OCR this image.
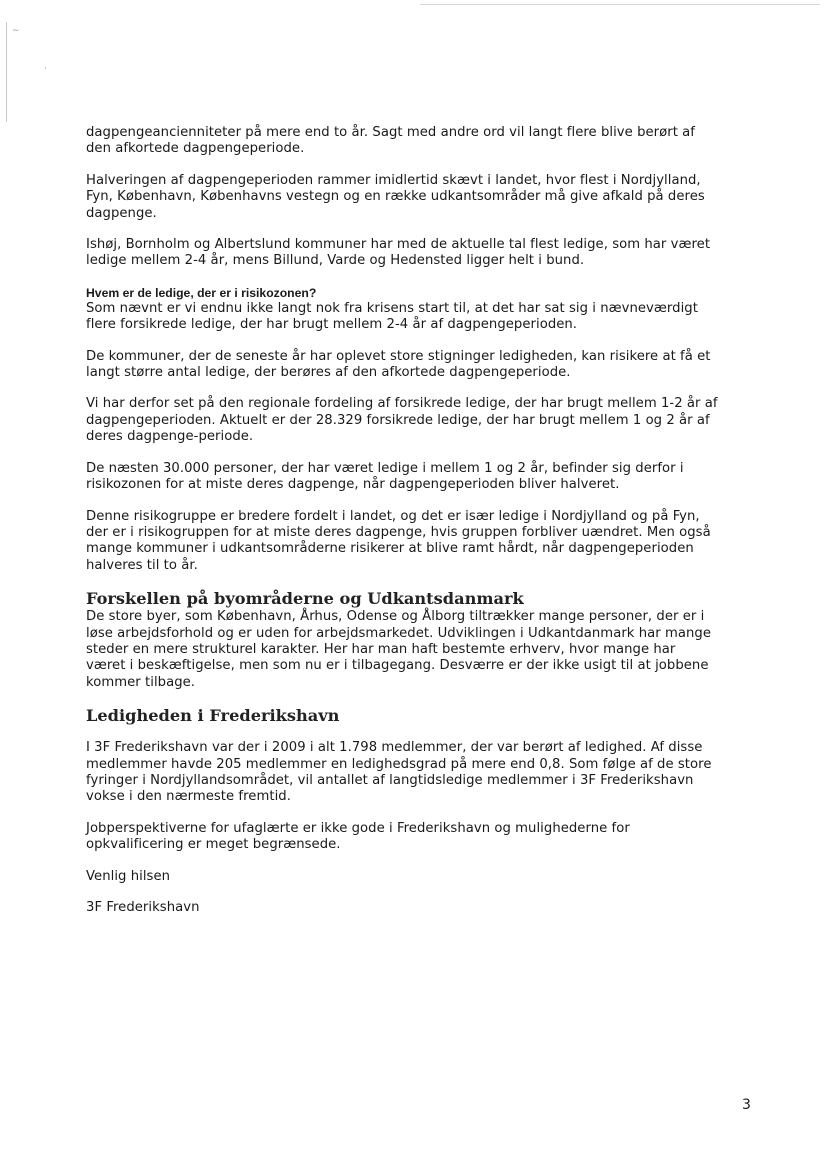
∼
·

dagpengeancienniteter på mere end to år. Sagt med andre ord vil langt flere blive berørt af
den afkortede dagpengeperiode.

Halveringen af dagpengeperioden rammer imidlertid skævt i landet, hvor flest i Nordjylland,
Fyn, København, Københavns vestegn og en række udkantsområder må give afkald på deres
dagpenge.

Ishøj, Bornholm og Albertslund kommuner har med de aktuelle tal flest ledige, som har været
ledige mellem 2-4 år, mens Billund, Varde og Hedensted ligger helt i bund.

Hvem er de ledige, der er i risikozonen?

Som nævnt er vi endnu ikke langt nok fra krisens start til, at det har sat sig i nævneværdigt
flere forsikrede ledige, der har brugt mellem 2-4 år af dagpengeperioden.

De kommuner, der de seneste år har oplevet store stigninger ledigheden, kan risikere at få et
langt større antal ledige, der berøres af den afkortede dagpengeperiode.

Vi har derfor set på den regionale fordeling af forsikrede ledige, der har brugt mellem 1-2 år af
dagpengeperioden. Aktuelt er der 28.329 forsikrede ledige, der har brugt mellem 1 og 2 år af
deres dagpenge-periode.

De næsten 30.000 personer, der har været ledige i mellem 1 og 2 år, befinder sig derfor i
risikozonen for at miste deres dagpenge, når dagpengeperioden bliver halveret.

Denne risikogruppe er bredere fordelt i landet, og det er især ledige i Nordjylland og på Fyn,
der er i risikogruppen for at miste deres dagpenge, hvis gruppen forbliver uændret. Men også
mange kommuner i udkantsområderne risikerer at blive ramt hårdt, når dagpengeperioden
halveres til to år.

Forskellen på byområderne og Udkantsdanmark

De store byer, som København, Århus, Odense og Ålborg tiltrækker mange personer, der er i
løse arbejdsforhold og er uden for arbejdsmarkedet. Udviklingen i Udkantdanmark har mange
steder en mere strukturel karakter. Her har man haft bestemte erhverv, hvor mange har
været i beskæftigelse, men som nu er i tilbagegang. Desværre er der ikke usigt til at jobbene
kommer tilbage.

Ledigheden i Frederikshavn

I 3F Frederikshavn var der i 2009 i alt 1.798 medlemmer, der var berørt af ledighed. Af disse
medlemmer havde 205 medlemmer en ledighedsgrad på mere end 0,8. Som følge af de store
fyringer i Nordjyllandsområdet, vil antallet af langtidsledige medlemmer i 3F Frederikshavn
vokse i den nærmeste fremtid.

Jobperspektiverne for ufaglærte er ikke gode i Frederikshavn og mulighederne for
opkvalificering er meget begrænsede.

Venlig hilsen

3F Frederikshavn

3
